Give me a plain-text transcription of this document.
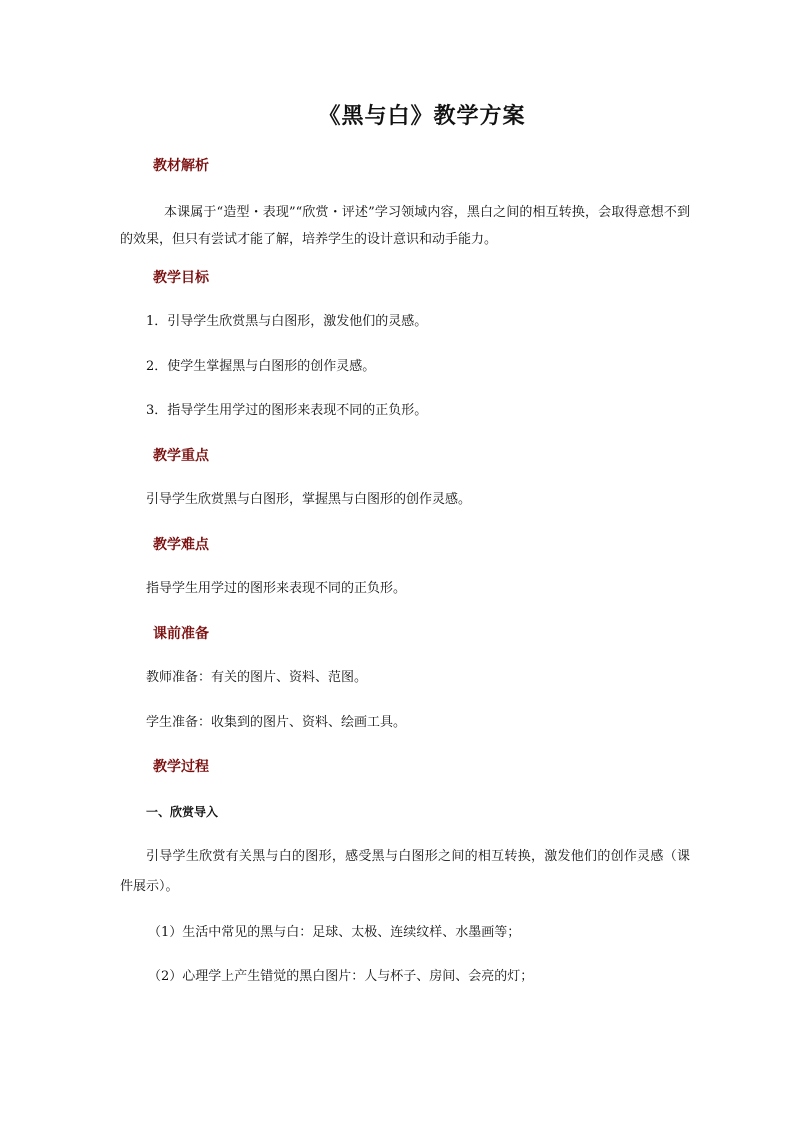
《黑与白》教学方案
教材解析
本课属于“造型・表现”“欣赏・评述”学习领域内容，黑白之间的相互转换，会取得意想不到的效果，但只有尝试才能了解，培养学生的设计意识和动手能力。
教学目标
1．引导学生欣赏黑与白图形，激发他们的灵感。
2．使学生掌握黑与白图形的创作灵感。
3．指导学生用学过的图形来表现不同的正负形。
教学重点
引导学生欣赏黑与白图形，掌握黑与白图形的创作灵感。
教学难点
指导学生用学过的图形来表现不同的正负形。
课前准备
教师准备：有关的图片、资料、范图。
学生准备：收集到的图片、资料、绘画工具。
教学过程
一、欣赏导入
引导学生欣赏有关黑与白的图形，感受黑与白图形之间的相互转换，激发他们的创作灵感（课件展示）。
（1）生活中常见的黑与白：足球、太极、连续纹样、水墨画等；
（2）心理学上产生错觉的黑白图片：人与杯子、房间、会亮的灯；
